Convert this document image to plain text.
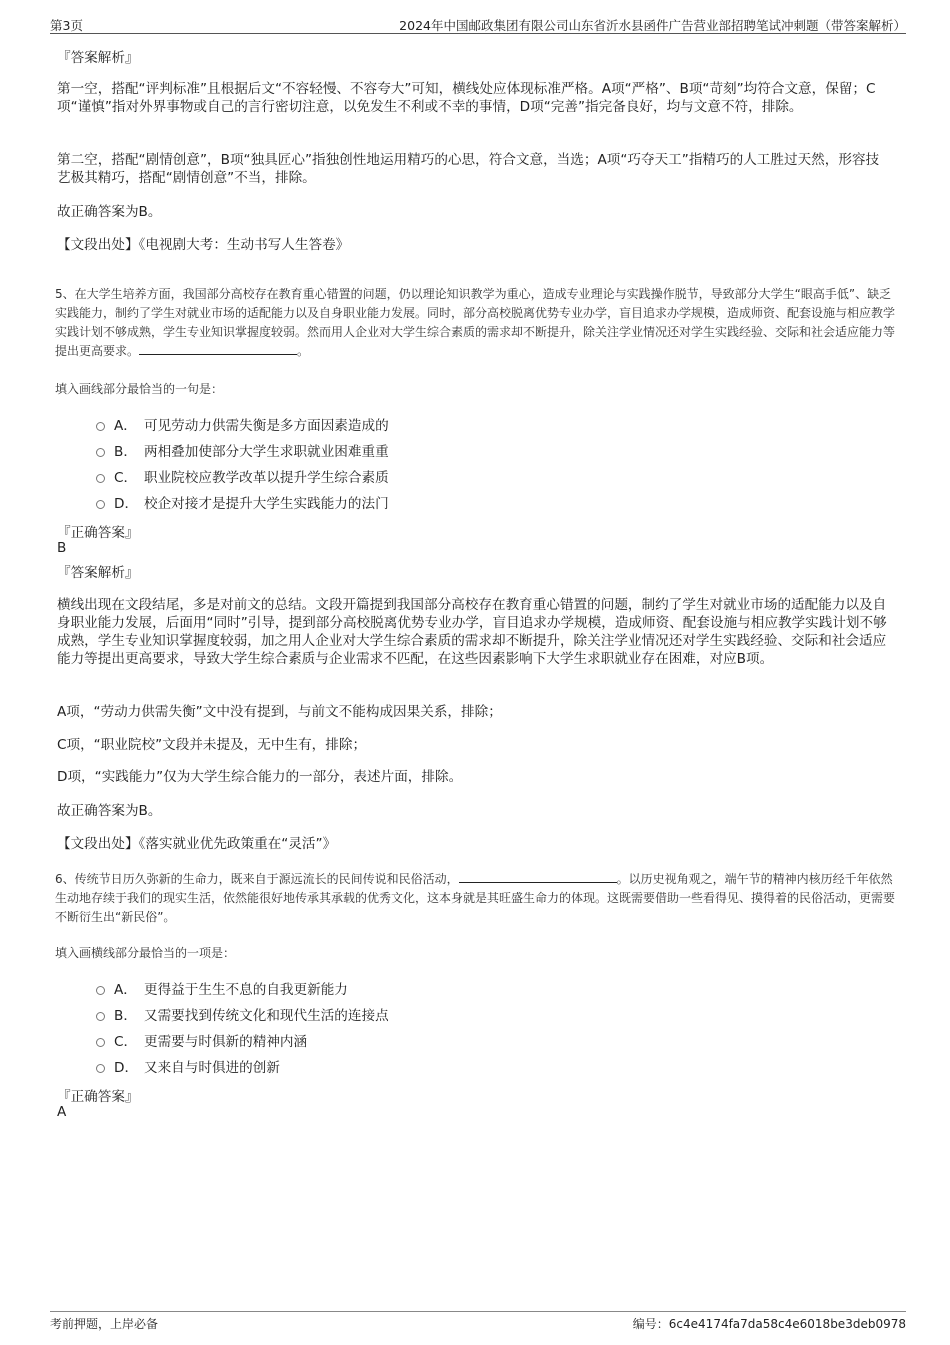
第3页	2024年中国邮政集团有限公司山东省沂水县函件广告营业部招聘笔试冲刺题（带答案解析）

『答案解析』

第一空，搭配“评判标准”且根据后文“不容轻慢、不容夸大”可知，横线处应体现标准严格。A项“严格”、B项“苛刻”均符合文意，保留；C项“谨慎”指对外界事物或自己的言行密切注意，以免发生不利或不幸的事情，D项“完善”指完备良好，均与文意不符，排除。

第二空，搭配“剧情创意”，B项“独具匠心”指独创性地运用精巧的心思，符合文意，当选；A项“巧夺天工”指精巧的人工胜过天然，形容技艺极其精巧，搭配“剧情创意”不当，排除。

故正确答案为B。

【文段出处】《电视剧大考：生动书写人生答卷》

5、在大学生培养方面，我国部分高校存在教育重心错置的问题，仍以理论知识教学为重心，造成专业理论与实践操作脱节，导致部分大学生“眼高手低”、缺乏实践能力，制约了学生对就业市场的适配能力以及自身职业能力发展。同时，部分高校脱离优势专业办学，盲目追求办学规模，造成师资、配套设施与相应教学实践计划不够成熟，学生专业知识掌握度较弱。然而用人企业对大学生综合素质的需求却不断提升，除关注学业情况还对学生实践经验、交际和社会适应能力等提出更高要求。	。

填入画线部分最恰当的一句是：

A． 可见劳动力供需失衡是多方面因素造成的
B． 两相叠加使部分大学生求职就业困难重重
C． 职业院校应教学改革以提升学生综合素质
D． 校企对接才是提升大学生实践能力的法门

『正确答案』

B

『答案解析』

横线出现在文段结尾，多是对前文的总结。文段开篇提到我国部分高校存在教育重心错置的问题，制约了学生对就业市场的适配能力以及自身职业能力发展，后面用“同时”引导，提到部分高校脱离优势专业办学，盲目追求办学规模，造成师资、配套设施与相应教学实践计划不够成熟，学生专业知识掌握度较弱，加之用人企业对大学生综合素质的需求却不断提升，除关注学业情况还对学生实践经验、交际和社会适应能力等提出更高要求，导致大学生综合素质与企业需求不匹配，在这些因素影响下大学生求职就业存在困难，对应B项。

A项，“劳动力供需失衡”文中没有提到，与前文不能构成因果关系，排除；

C项，“职业院校”文段并未提及，无中生有，排除；

D项，“实践能力”仅为大学生综合能力的一部分，表述片面，排除。

故正确答案为B。

【文段出处】《落实就业优先政策重在“灵活”》

6、传统节日历久弥新的生命力，既来自于源远流长的民间传说和民俗活动，	。以历史视角观之，端午节的精神内核历经千年依然生动地存续于我们的现实生活，依然能很好地传承其承载的优秀文化，这本身就是其旺盛生命力的体现。这既需要借助一些看得见、摸得着的民俗活动，更需要不断衍生出“新民俗”。

填入画横线部分最恰当的一项是：

A． 更得益于生生不息的自我更新能力
B． 又需要找到传统文化和现代生活的连接点
C． 更需要与时俱新的精神内涵
D． 又来自与时俱进的创新

『正确答案』

A

考前押题，上岸必备	编号：6c4e4174fa7da58c4e6018be3deb0978
